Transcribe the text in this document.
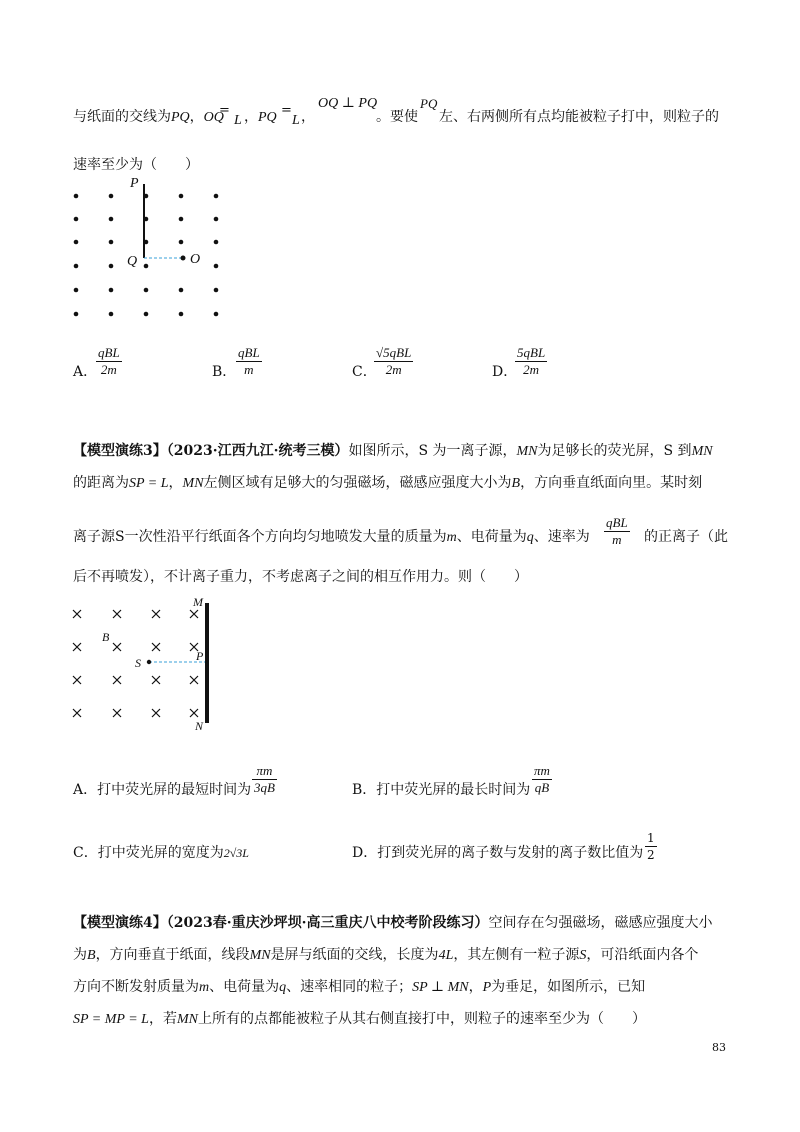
与纸面的交线为PQ，OQ
=
L ，PQ =
L ，
OQ ⊥ PQ
。要使
PQ
左、右两侧所有点均能被粒子打中，则粒子的
速率至少为（　　）
P
Q	O
A．
qBL
2m	B．
qBL
m	C．
√5qBL
2m	D．
5qBL
2m
【模型演练3】（2023·江西九江·统考三模）如图所示，S 为一离子源，MN为足够长的荧光屏，S 到MN
的距离为SP = L，MN左侧区域有足够大的匀强磁场，磁感应强度大小为B，方向垂直纸面向里。某时刻
离子源S一次性沿平行纸面各个方向均匀地喷发大量的质量为m、电荷量为q、速率为
qBL
m	的正离子（此
后不再喷发），不计离子重力，不考虑离子之间的相互作用力。则（　　）
M
N
B
S	P
A．打中荧光屏的最短时间为 $\frac{\pi m}{3qB}$	B．打中荧光屏的最长时间为 $\frac{\pi m}{qB}$
C．打中荧光屏的宽度为2√3L	D．打到荧光屏的离子数与发射的离子数比值为 $\frac{1}{2}$
【模型演练4】（2023春·重庆沙坪坝·高三重庆八中校考阶段练习）空间存在匀强磁场，磁感应强度大小
为B，方向垂直于纸面，线段MN是屏与纸面的交线，长度为4L，其左侧有一粒子源S，可沿纸面内各个
方向不断发射质量为m、电荷量为q、速率相同的粒子；SP ⊥ MN，P为垂足，如图所示，已知
SP = MP = L，若MN上所有的点都能被粒子从其右侧直接打中，则粒子的速率至少为（　　）
83
